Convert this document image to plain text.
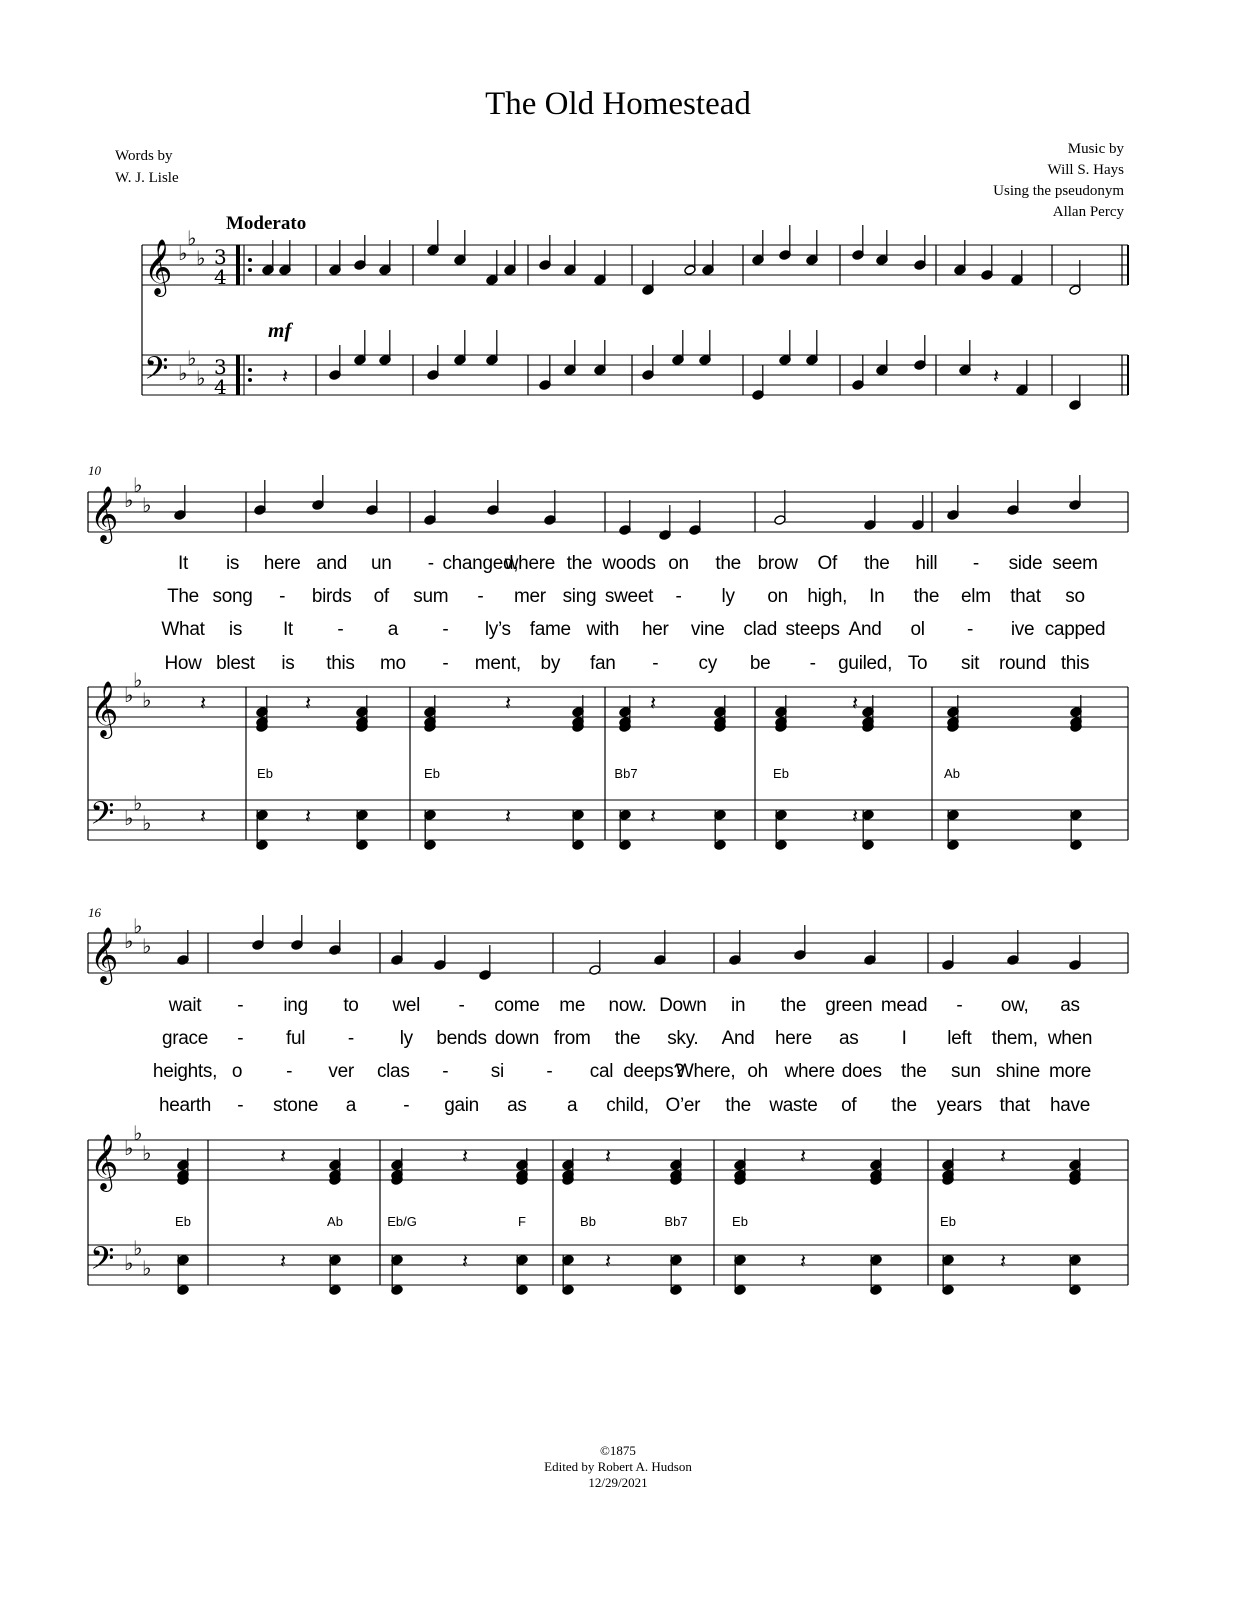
The Old Homestead
Words by
W. J. Lisle
Music by
Will S. Hays
Using the pseudonym
Allan Percy
Moderato
mf
10
16
𝄞
𝄢
♭
♭
♭
♭
♭
♭
3
4
3
4	𝄽	𝄽
𝄞
𝄞
𝄢
♭
♭
♭
♭
♭
♭
♭
♭
♭
𝄞
𝄞
𝄢
♭
♭
♭
♭
♭
♭
♭
♭
♭
𝄽	𝄽	𝄽	𝄽	𝄽
𝄽	𝄽	𝄽	𝄽	𝄽
𝄽	𝄽	𝄽	𝄽	𝄽
𝄽	𝄽	𝄽	𝄽	𝄽
It is here and un - changed,
where the woods on the brow Of the hill - side seem
The song - birds of sum - mer sing sweet - ly on high, In the elm that so
What is It - a - ly’s fame with her vine clad steeps And ol - ive capped
How blest is this mo - ment, by fan - cy be - guiled, To sit round this
wait - ing to wel - come me now. Down in the green mead - ow, as
grace - ful - ly bends down from the sky. And here as I left them, when
heights, o - ver clas - si - cal deeps?
Where, oh where does the sun shine more
hearth - stone a - gain as a child, O’er the waste of the years that have
Eb	Eb	Bb7	Eb	Ab
Eb	Ab	Eb/G	F	Bb	Bb7	Eb	Eb
©1875
Edited by Robert A. Hudson
12/29/2021
